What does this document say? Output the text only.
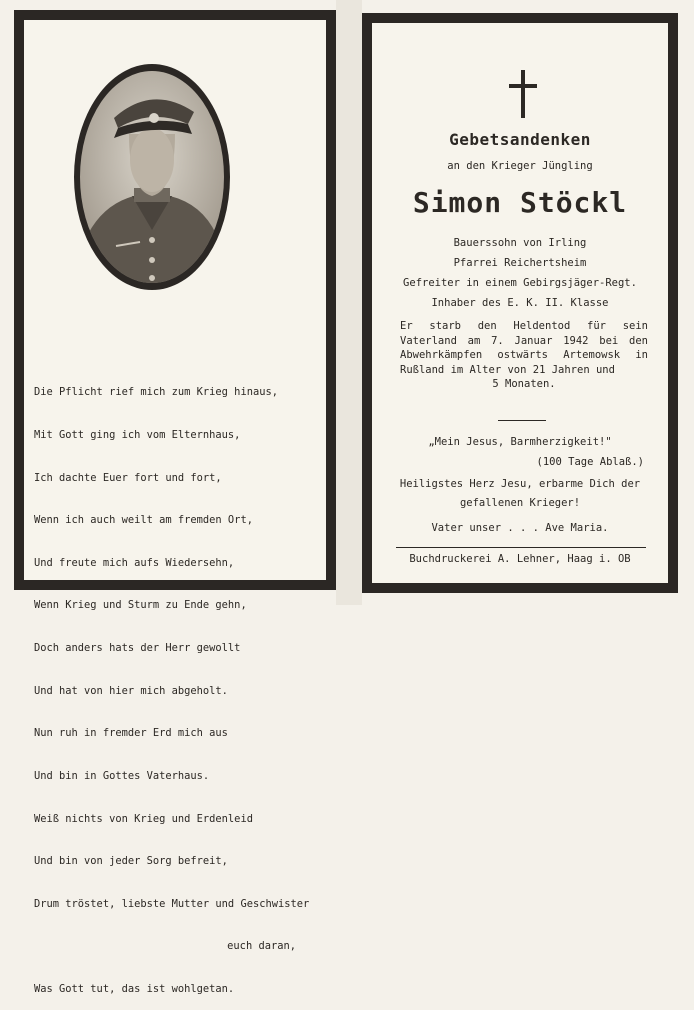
Die Pflicht rief mich zum Krieg hinaus,

Mit Gott ging ich vom Elternhaus,

Ich dachte Euer fort und fort,

Wenn ich auch weilt am fremden Ort,

Und freute mich aufs Wiedersehn,

Wenn Krieg und Sturm zu Ende gehn,

Doch anders hats der Herr gewollt

Und hat von hier mich abgeholt.

Nun ruh in fremder Erd mich aus

Und bin in Gottes Vaterhaus.

Weiß nichts von Krieg und Erdenleid

Und bin von jeder Sorg befreit,

Drum tröstet, liebste Mutter und Geschwister

euch daran,

Was Gott tut, das ist wohlgetan.

Gebetsandenken
an den Krieger Jüngling
Simon Stöckl
Bauerssohn von Irling
Pfarrei Reichertsheim
Gefreiter in einem Gebirgsjäger-Regt.
Inhaber des E. K. II. Klasse
Er starb den Heldentod für sein Vaterland am 7. Januar 1942 bei den Abwehrkämpfen ostwärts Artemowsk in Rußland im Alter von 21 Jahren und
5 Monaten.
„Mein Jesus, Barmherzigkeit!"
(100 Tage Ablaß.)
Heiligstes Herz Jesu, erbarme Dich der
gefallenen Krieger!
Vater unser . . . Ave Maria.
Buchdruckerei A. Lehner, Haag i. OB
